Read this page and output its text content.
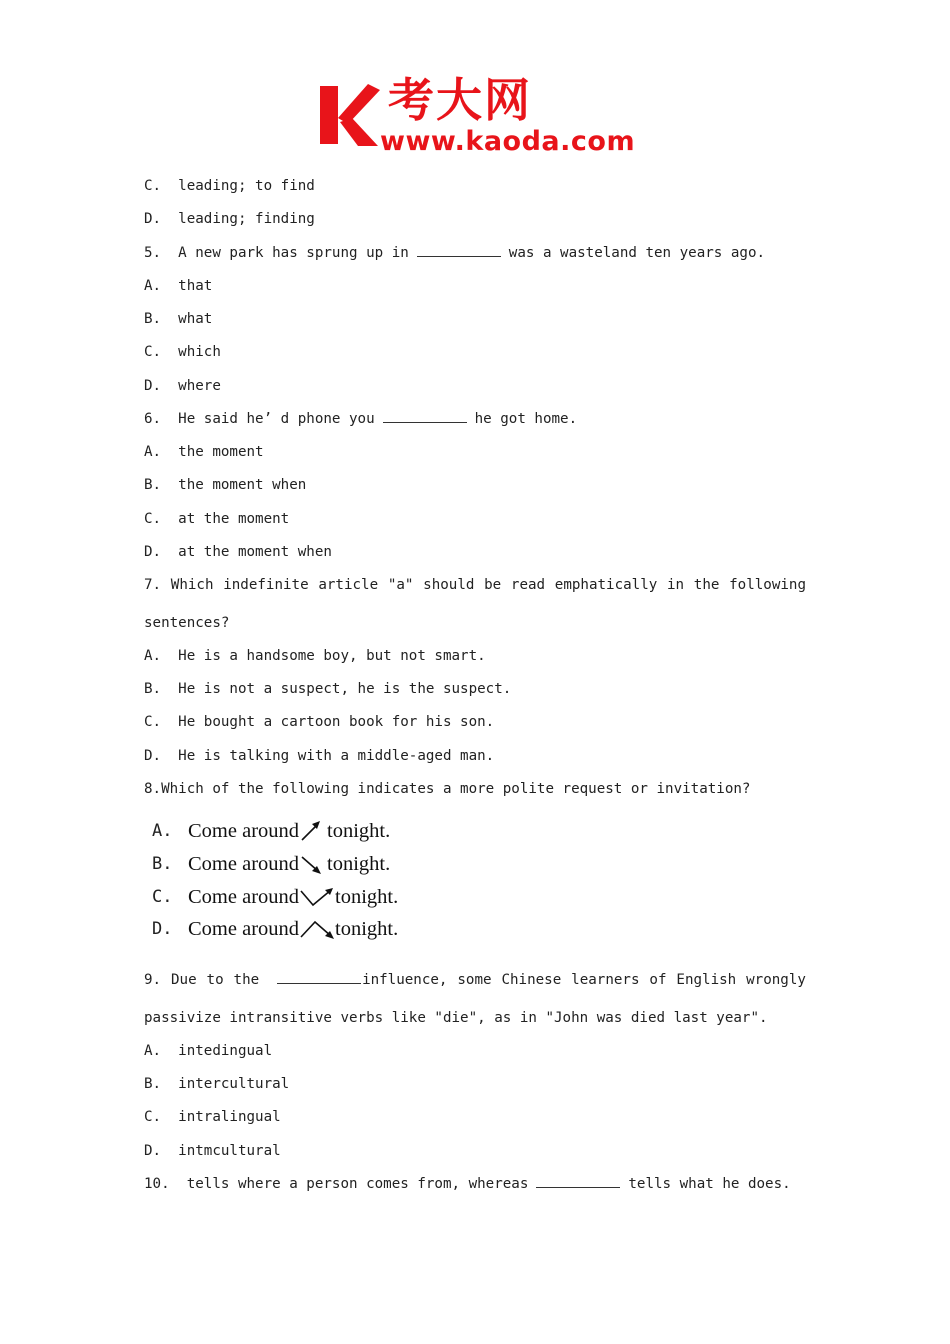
考大网
www.kaoda.com
C.  leading; to find
D.  leading; finding
5.  A new park has sprung up in	was a wasteland ten years ago.
A.  that
B.  what
C.  which
D.  where
6.  He said he’ d phone you	he got home.
A.  the moment
B.  the moment when
C.  at the moment
D.  at the moment when
7. Which indefinite article "a" should be read emphatically in the following
sentences?
A.  He is a handsome boy, but not smart.
B.  He is not a suspect, he is the suspect.
C.  He bought a cartoon book for his son.
D.  He is talking with a middle-aged man.
8.Which of the following indicates a more polite request or invitation?
A. Come around tonight.
B. Come around tonight.
C. Come around tonight.
D. Come around tonight.
9. Due to the	influence, some Chinese learners of English wrongly
passivize intransitive verbs like "die", as in "John was died last year".
A.  intedingual
B.  intercultural
C.  intralingual
D.  intmcultural
10.  tells where a person comes from, whereas	tells what he does.
